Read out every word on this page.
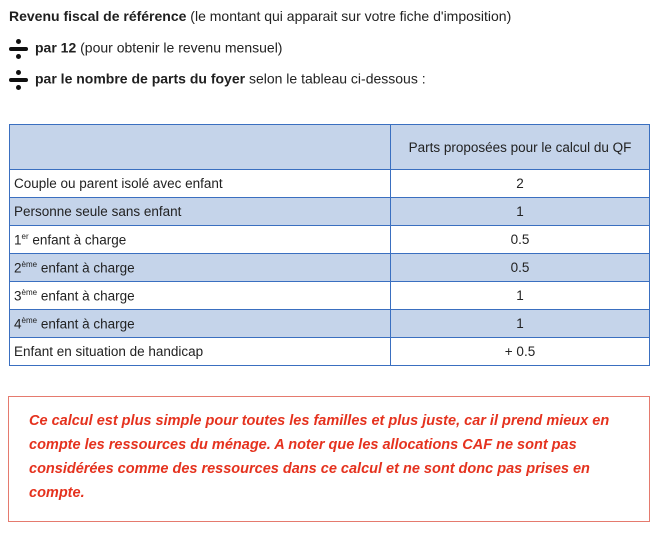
Revenu fiscal de référence (le montant qui apparait sur votre fiche d'imposition)
par 12 (pour obtenir le revenu mensuel)
par le nombre de parts du foyer selon le tableau ci-dessous :
	Parts proposées pour le calcul du QF
Couple ou parent isolé avec enfant	2
Personne seule sans enfant	1
1er enfant à charge	0.5
2ème enfant à charge	0.5
3ème enfant à charge	1
4ème enfant à charge	1
Enfant en situation de handicap	+ 0.5
Ce calcul est plus simple pour toutes les familles et plus juste, car il prend mieux en compte les ressources du ménage. A noter que les allocations CAF ne sont pas considérées comme des ressources dans ce calcul et ne sont donc pas prises en compte.
